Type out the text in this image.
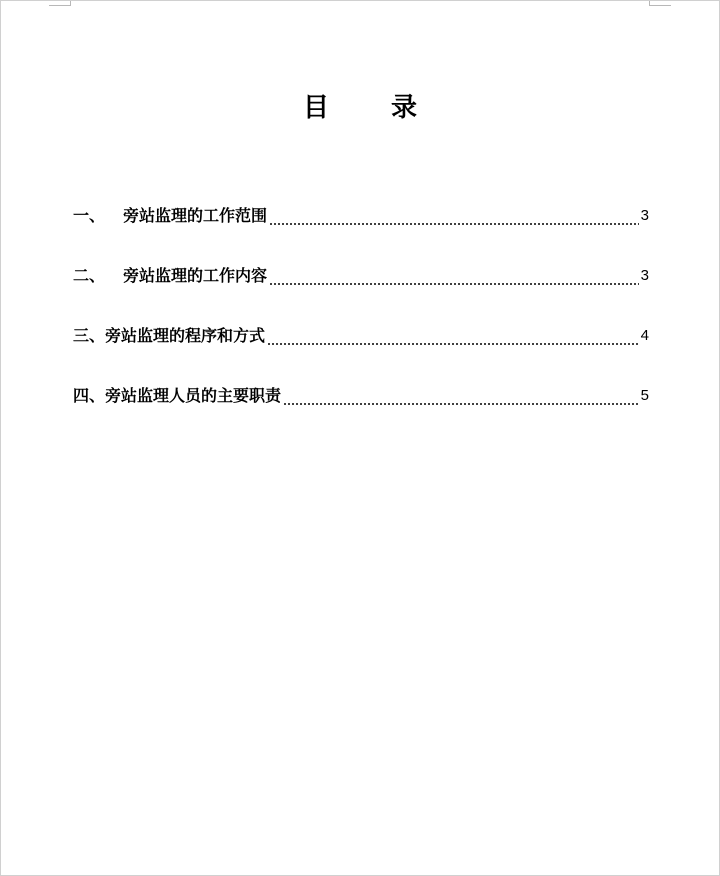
目录
一、	旁站监理的工作范围	3
二、	旁站监理的工作内容	3
三、 旁站监理的程序和方式	4
四、 旁站监理人员的主要职责	5
